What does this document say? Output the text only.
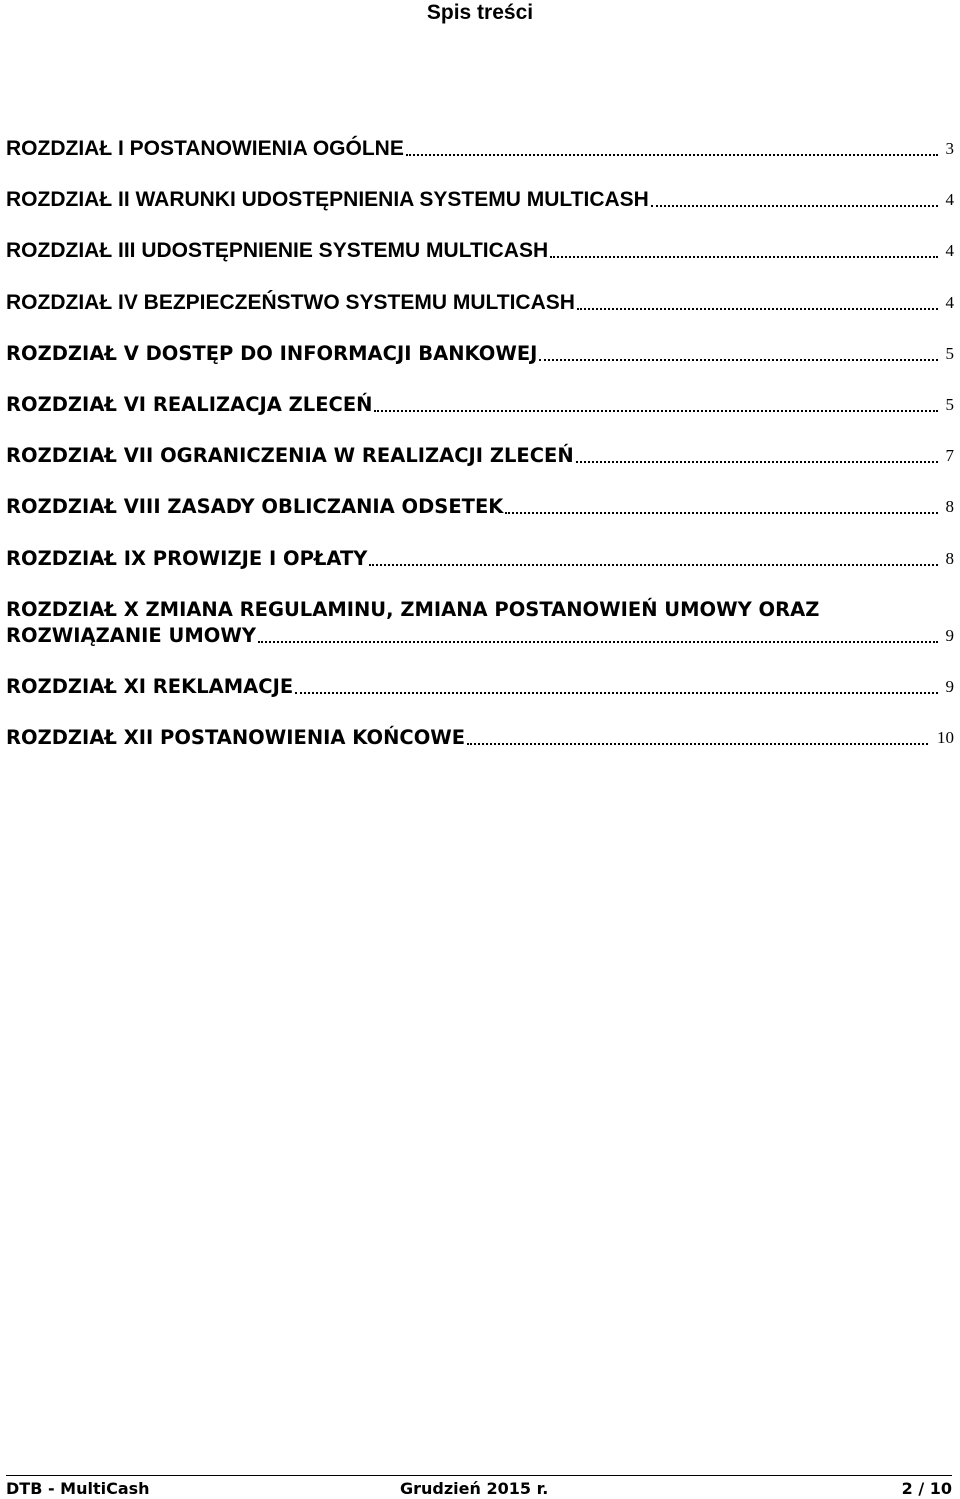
Spis treści
ROZDZIAŁ I POSTANOWIENIA OGÓLNE	3
ROZDZIAŁ II WARUNKI UDOSTĘPNIENIA SYSTEMU MULTICASH	4
ROZDZIAŁ III UDOSTĘPNIENIE SYSTEMU MULTICASH	4
ROZDZIAŁ IV BEZPIECZEŃSTWO SYSTEMU MULTICASH	4
ROZDZIAŁ V DOSTĘP DO INFORMACJI BANKOWEJ	5
ROZDZIAŁ VI REALIZACJA ZLECEŃ	5
ROZDZIAŁ VII OGRANICZENIA W REALIZACJI ZLECEŃ	7
ROZDZIAŁ VIII ZASADY OBLICZANIA ODSETEK	8
ROZDZIAŁ IX PROWIZJE I OPŁATY	8
ROZDZIAŁ X ZMIANA REGULAMINU, ZMIANA POSTANOWIEŃ UMOWY ORAZ
ROZWIĄZANIE UMOWY	9
ROZDZIAŁ XI REKLAMACJE	9
ROZDZIAŁ XII POSTANOWIENIA KOŃCOWE	10
DTB - MultiCash	Grudzień 2015 r.	2 / 10
